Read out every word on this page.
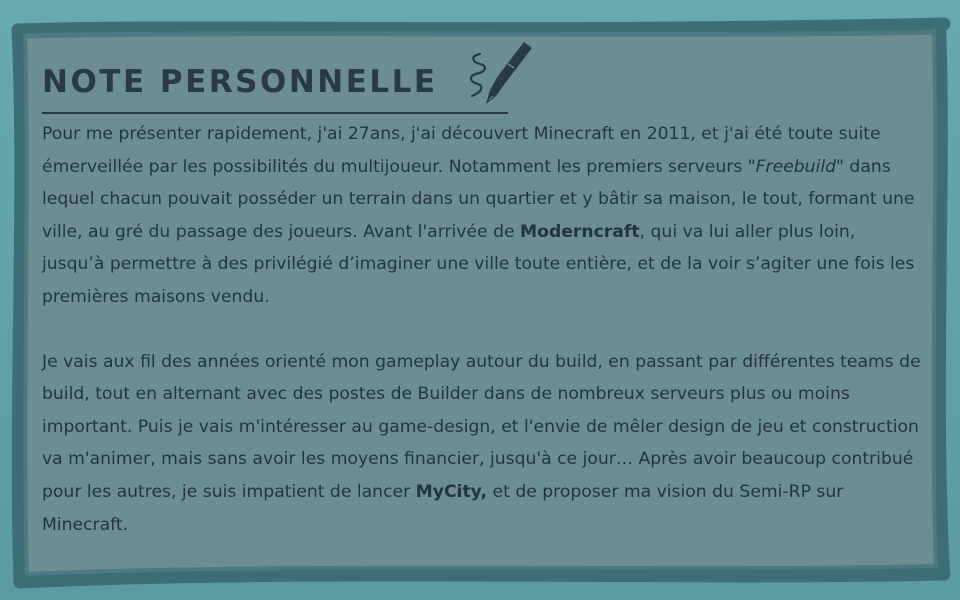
NOTE PERSONNELLE

Pour me présenter rapidement, j'ai 27ans, j'ai découvert Minecraft en 2011, et j'ai été toute suite émerveillée par les possibilités du multijoueur. Notamment les premiers serveurs "Freebuild" dans lequel chacun pouvait posséder un terrain dans un quartier et y bâtir sa maison, le tout, formant une ville, au gré du passage des joueurs. Avant l'arrivée de Moderncraft, qui va lui aller plus loin, jusqu’à permettre à des privilégié d’imaginer une ville toute entière, et de la voir s’agiter une fois les premières maisons vendu.

Je vais aux fil des années orienté mon gameplay autour du build, en passant par différentes teams de build, tout en alternant avec des postes de Builder dans de nombreux serveurs plus ou moins important. Puis je vais m'intéresser au game-design, et l'envie de mêler design de jeu et construction va m'animer, mais sans avoir les moyens financier, jusqu'à ce jour… Après avoir beaucoup contribué pour les autres, je suis impatient de lancer MyCity, et de proposer ma vision du Semi-RP sur Minecraft.
